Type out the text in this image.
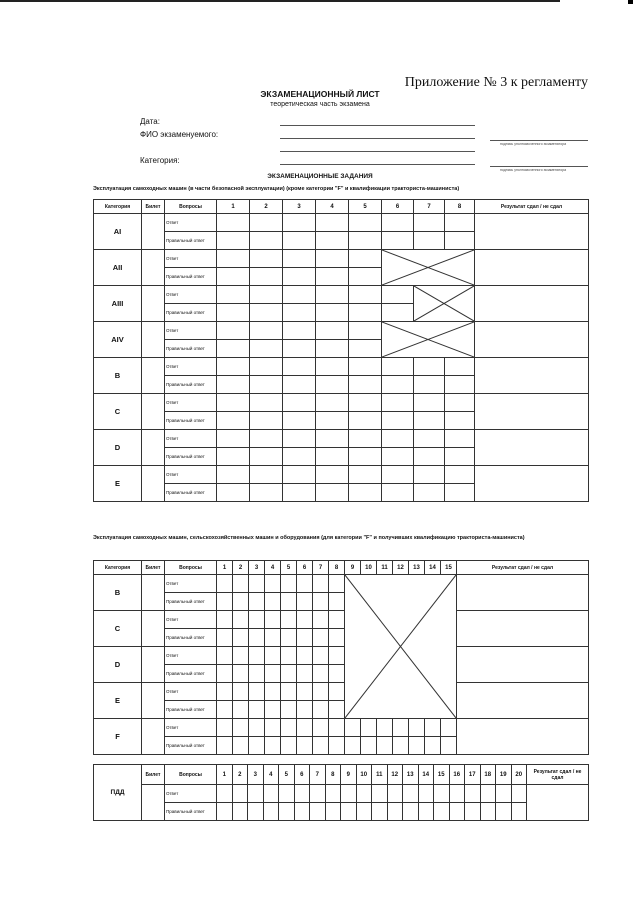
Приложение № 3 к регламенту
ЭКЗАМЕНАЦИОННЫЙ ЛИСТ
теоретическая часть экзамена
Дата:
ФИО экзаменуемого:
подпись уполномоченного экзаменатора
Категория:
подпись уполномоченного экзаменатора
ЭКЗАМЕНАЦИОННЫЕ ЗАДАНИЯ
Эксплуатация самоходных машин (в части безопасной эксплуатации) (кроме категории "F" и квалификации тракториста-машиниста)
Категория	Билет	Вопросы	1	2	3	4	5	6	7	8	Результат сдал / не сдал
AI		Ответ									
		Правильный ответ									
AII		Ответ						

		Правильный ответ									
AIII		Ответ							

		Правильный ответ									
AIV		Ответ						

		Правильный ответ									
B		Ответ									
		Правильный ответ									
C		Ответ									
		Правильный ответ									
D		Ответ									
		Правильный ответ									
E		Ответ									
		Правильный ответ									
Эксплуатация самоходных машин, сельскохозяйственных машин и оборудования (для категории "F" и получивших квалификацию тракториста-машиниста)
Категория	Билет	Вопросы	1	2	3	4	5	6	7	8	9	10	11	12	13	14	15	Результат сдал / не сдал
B		Ответ									

		Правильный ответ																
C		Ответ																
		Правильный ответ																
D		Ответ																
		Правильный ответ																
E		Ответ																
		Правильный ответ																
F		Ответ																
		Правильный ответ																
ПДД	Билет	Вопросы	1	2	3	4	5	6	7	8	9	10	11	12	13	14	15	16	17	18	19	20	Результат сдал / не сдал
		Ответ																					
		Правильный ответ																					
